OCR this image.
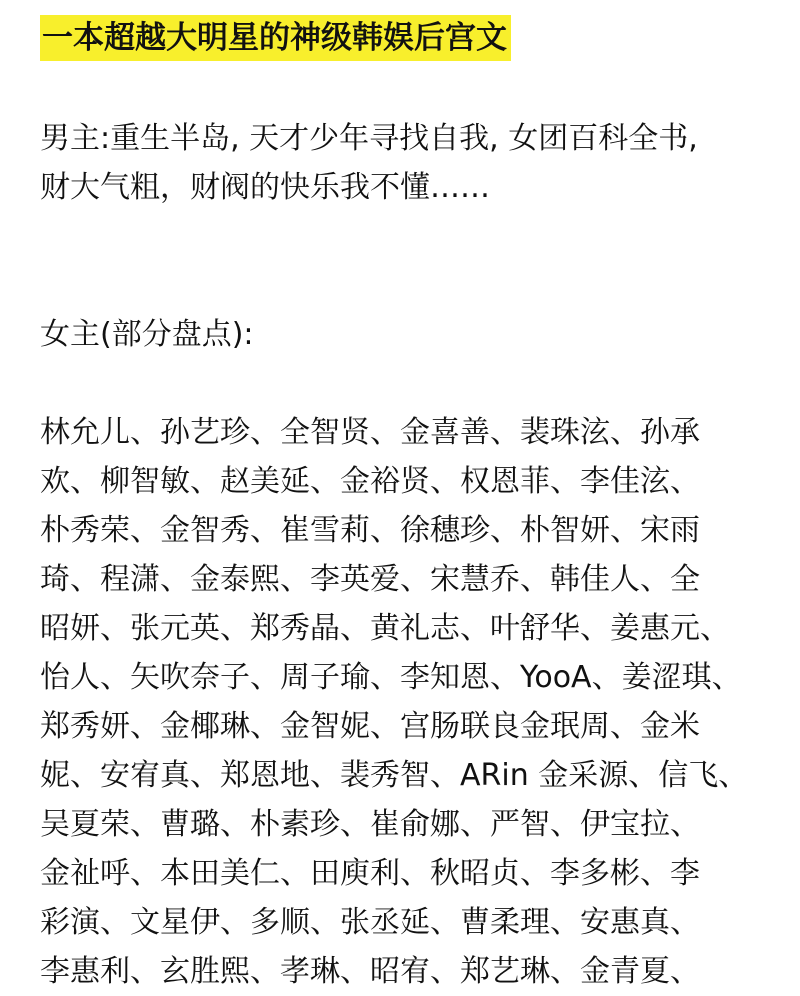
一本超越大明星的神级韩娱后宫文
男主:重生半岛, 天才少年寻找自我, 女团百科全书,
财大气粗，财阀的快乐我不懂……
女主(部分盘点):
林允儿、孙艺珍、全智贤、金喜善、裴珠泫、孙承
欢、柳智敏、赵美延、金裕贤、权恩菲、李佳泫、
朴秀荣、金智秀、崔雪莉、徐穗珍、朴智妍、宋雨
琦、程潇、金泰熙、李英爱、宋慧乔、韩佳人、全
昭妍、张元英、郑秀晶、黄礼志、叶舒华、姜惠元、
怡人、矢吹奈子、周子瑜、李知恩、YooA、姜涩琪、
郑秀妍、金椰琳、金智妮、宫肠联良金珉周、金米
妮、安宥真、郑恩地、裴秀智、ARin 金采源、信飞、
吴夏荣、曹璐、朴素珍、崔俞娜、严智、伊宝拉、
金祉呼、本田美仁、田庾利、秋昭贞、李多彬、李
彩演、文星伊、多顺、张丞延、曹柔理、安惠真、
李惠利、玄胜熙、孝琳、昭宥、郑艺琳、金青夏、
